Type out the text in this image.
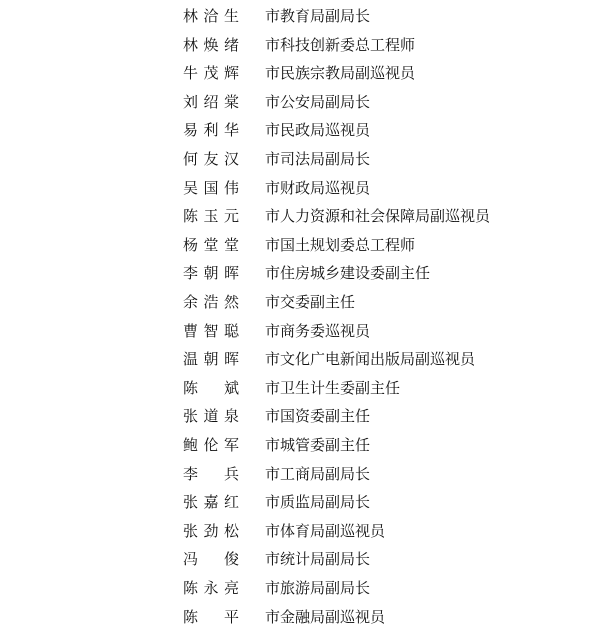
林洽生 市教育局副局长
林焕绪 市科技创新委总工程师
牛茂辉 市民族宗教局副巡视员
刘绍棠 市公安局副局长
易利华 市民政局巡视员
何友汉 市司法局副局长
吴国伟 市财政局巡视员
陈玉元 市人力资源和社会保障局副巡视员
杨堂堂 市国土规划委总工程师
李朝晖 市住房城乡建设委副主任
余浩然 市交委副主任
曹智聪 市商务委巡视员
温朝晖 市文化广电新闻出版局副巡视员
陈 斌 市卫生计生委副主任
张道泉 市国资委副主任
鲍伦军 市城管委副主任
李 兵 市工商局副局长
张嘉红 市质监局副局长
张劲松 市体育局副巡视员
冯 俊 市统计局副局长
陈永亮 市旅游局副局长
陈 平 市金融局副巡视员
